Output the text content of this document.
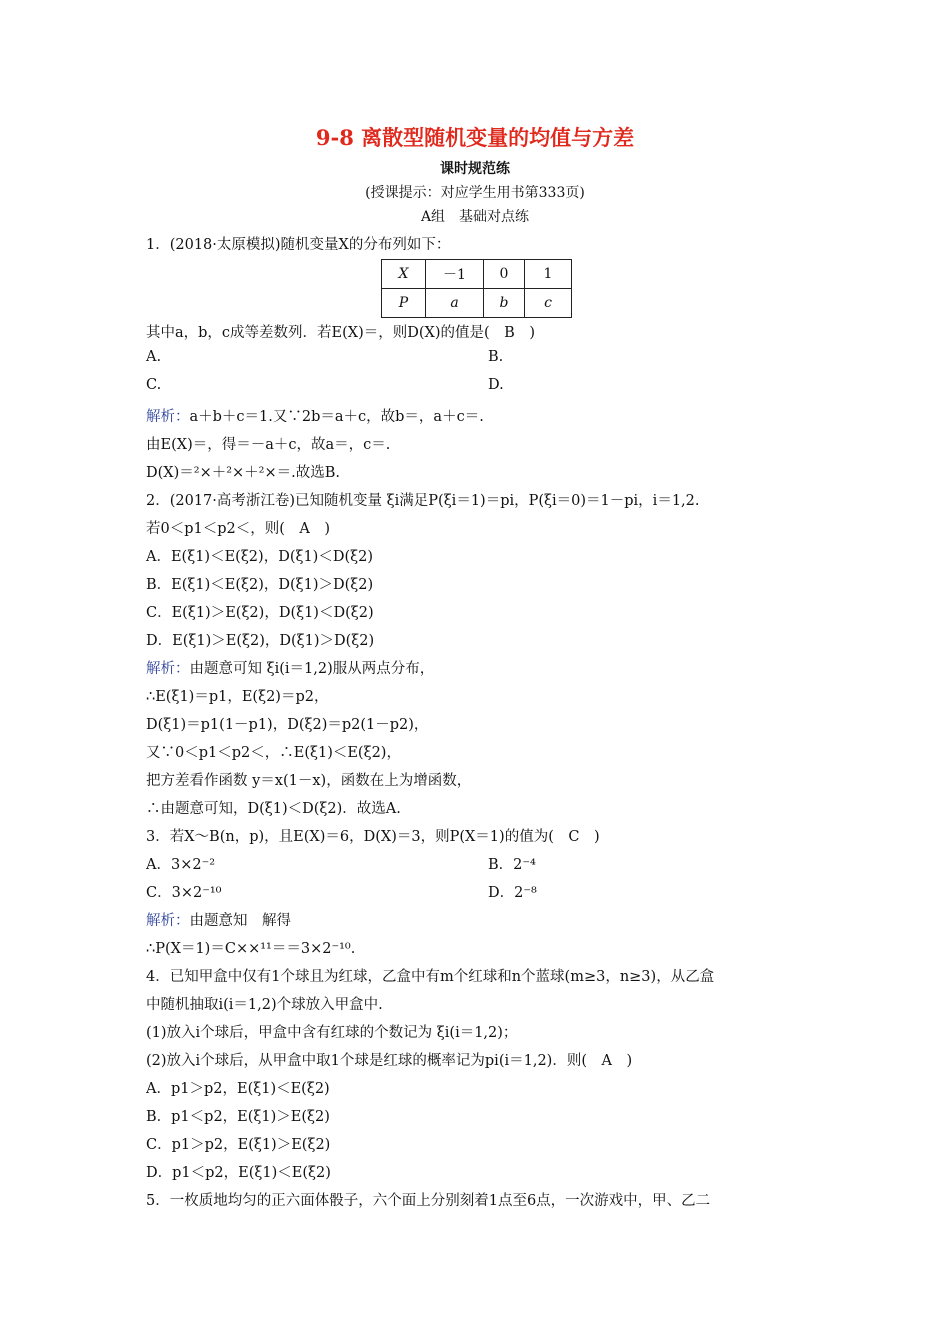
9-8 离散型随机变量的均值与方差
课时规范练
(授课提示：对应学生用书第333页)
A组　基础对点练
1．(2018·太原模拟)随机变量X的分布列如下：
X	－1	0	1
P	a	b	c
其中a，b，c成等差数列．若E(X)＝，则D(X)的值是(　B　)
A.	B.
C.	D.
解析：a＋b＋c＝1.又∵2b＝a＋c，故b＝，a＋c＝.
由E(X)＝，得＝－a＋c，故a＝，c＝.
D(X)＝²×＋²×＋²×＝.故选B.
2．(2017·高考浙江卷)已知随机变量 ξi满足P(ξi＝1)＝pi，P(ξi＝0)＝1－pi，i＝1,2.
若0＜p1＜p2＜，则(　A　)
A．E(ξ1)＜E(ξ2)，D(ξ1)＜D(ξ2)
B．E(ξ1)＜E(ξ2)，D(ξ1)＞D(ξ2)
C．E(ξ1)＞E(ξ2)，D(ξ1)＜D(ξ2)
D．E(ξ1)＞E(ξ2)，D(ξ1)＞D(ξ2)
解析：由题意可知 ξi(i＝1,2)服从两点分布，
∴E(ξ1)＝p1，E(ξ2)＝p2，
D(ξ1)＝p1(1－p1)，D(ξ2)＝p2(1－p2)，
又∵0＜p1＜p2＜，∴E(ξ1)＜E(ξ2)，
把方差看作函数 y＝x(1－x)，函数在上为增函数，
∴由题意可知，D(ξ1)＜D(ξ2)．故选A.
3．若X～B(n，p)，且E(X)＝6，D(X)＝3，则P(X＝1)的值为(　C　)
A．3×2⁻²	B．2⁻⁴
C．3×2⁻¹⁰	D．2⁻⁸
解析：由题意知　解得
∴P(X＝1)＝C××¹¹＝＝3×2⁻¹⁰.
4．已知甲盒中仅有1个球且为红球，乙盒中有m个红球和n个蓝球(m≥3，n≥3)，从乙盒
中随机抽取i(i＝1,2)个球放入甲盒中.
(1)放入i个球后，甲盒中含有红球的个数记为 ξi(i＝1,2)；
(2)放入i个球后，从甲盒中取1个球是红球的概率记为pi(i＝1,2)．则(　A　)
A．p1＞p2，E(ξ1)＜E(ξ2)
B．p1＜p2，E(ξ1)＞E(ξ2)
C．p1＞p2，E(ξ1)＞E(ξ2)
D．p1＜p2，E(ξ1)＜E(ξ2)
5．一枚质地均匀的正六面体骰子，六个面上分别刻着1点至6点，一次游戏中，甲、乙二
